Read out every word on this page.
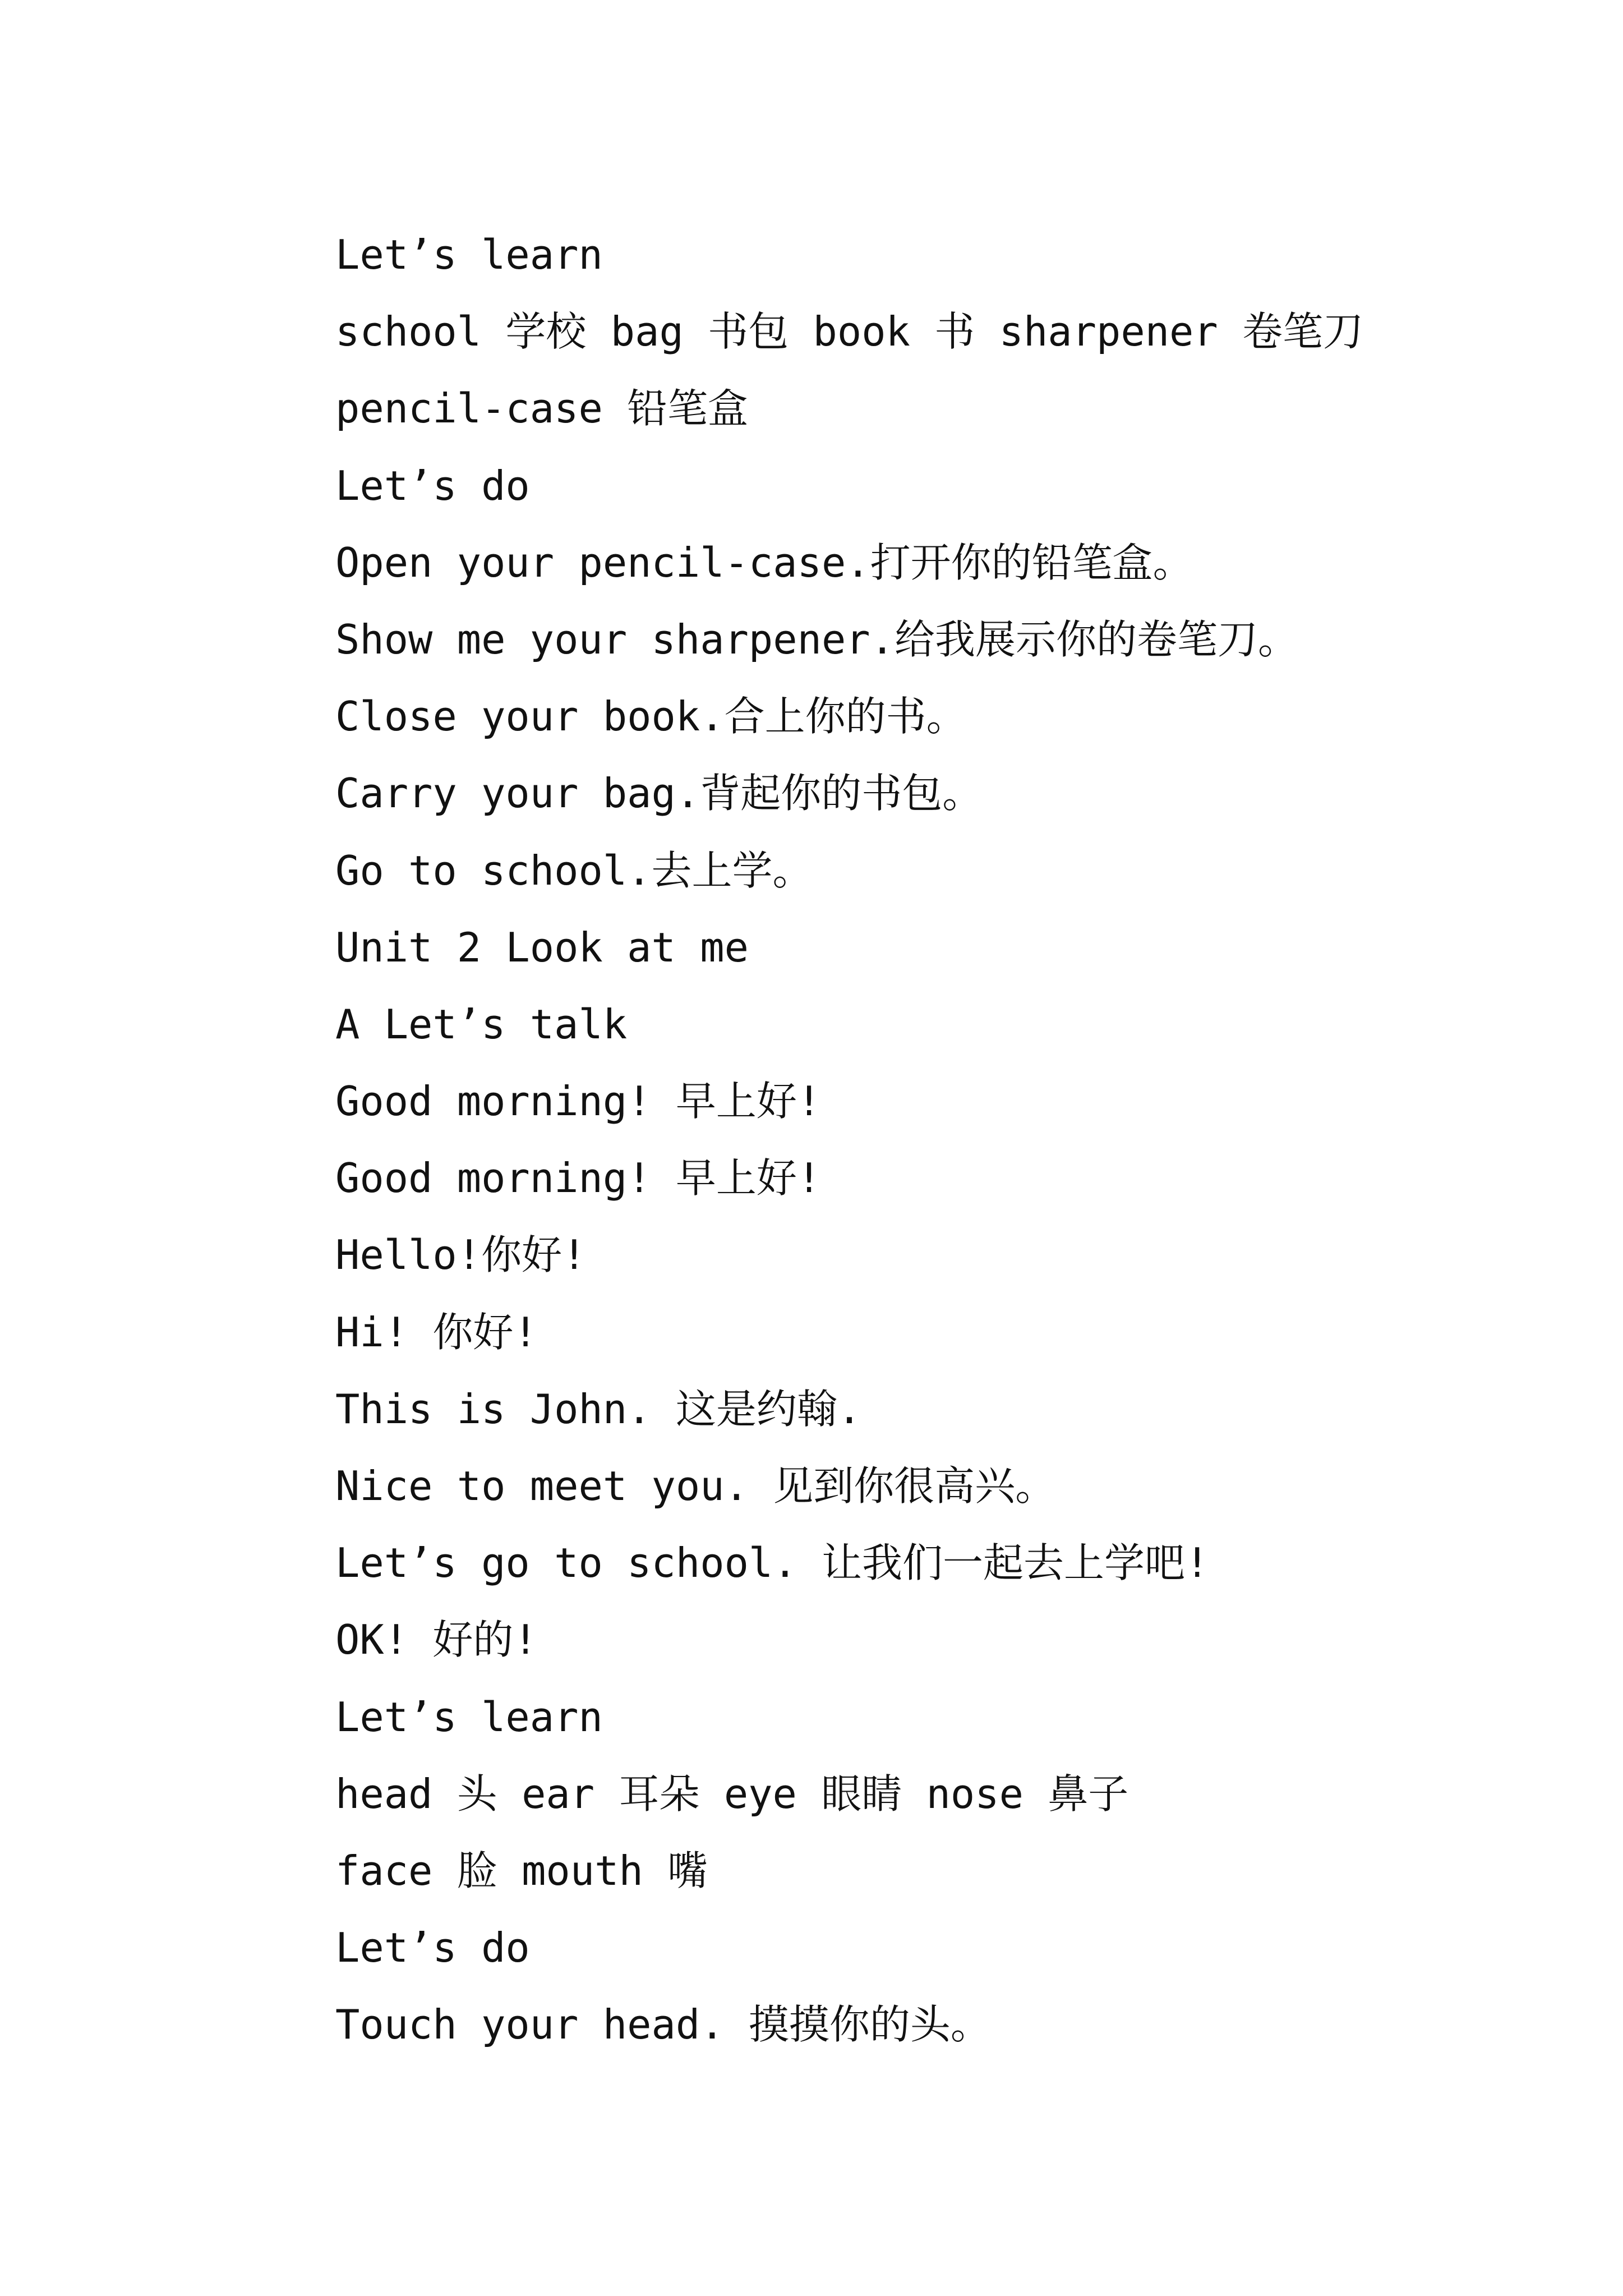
Let’s learn
school 学校 bag 书包 book 书 sharpener 卷笔刀
pencil-case 铅笔盒
Let’s do
Open your pencil-case.打开你的铅笔盒。
Show me your sharpener.给我展示你的卷笔刀。
Close your book.合上你的书。
Carry your bag.背起你的书包。
Go to school.去上学。
Unit 2 Look at me
A Let’s talk
Good morning! 早上好!
Good morning! 早上好!
Hello!你好!
Hi! 你好!
This is John. 这是约翰.
Nice to meet you. 见到你很高兴。
Let’s go to school. 让我们一起去上学吧!
OK! 好的!
Let’s learn
head 头 ear 耳朵 eye 眼睛 nose 鼻子
face 脸 mouth 嘴
Let’s do
Touch your head. 摸摸你的头。
